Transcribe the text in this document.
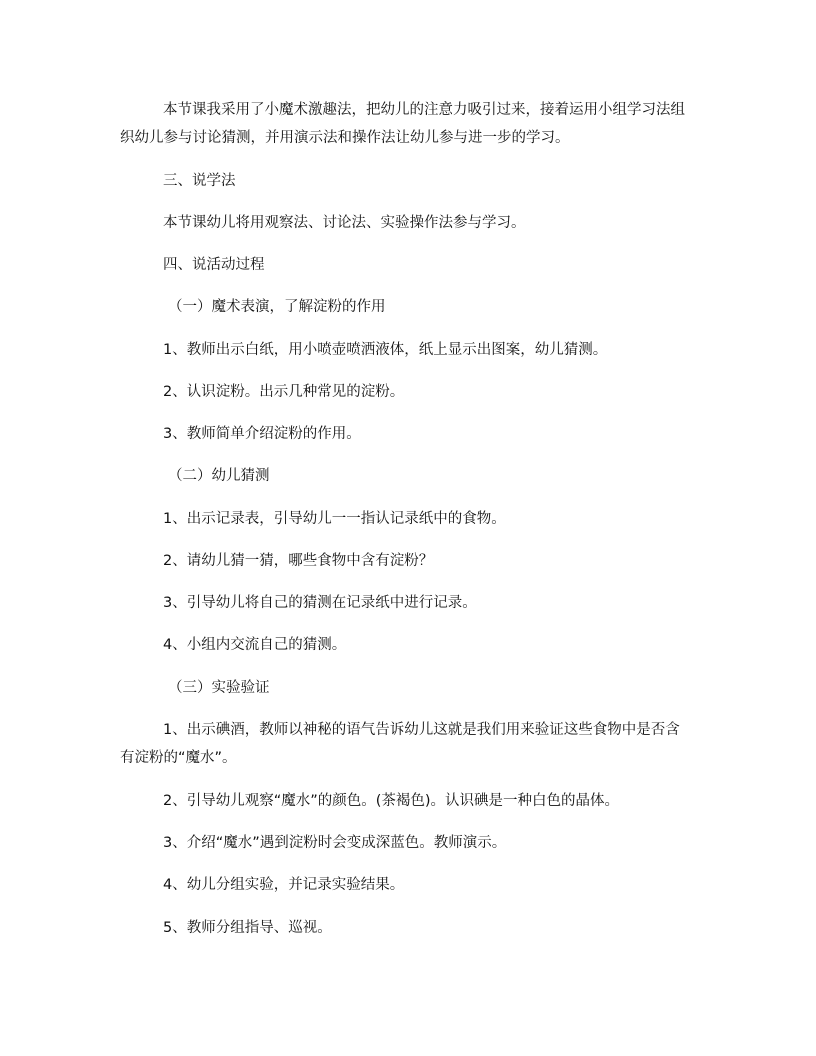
本节课我采用了小魔术激趣法，把幼儿的注意力吸引过来，接着运用小组学习法组
织幼儿参与讨论猜测，并用演示法和操作法让幼儿参与进一步的学习。
三、说学法
本节课幼儿将用观察法、讨论法、实验操作法参与学习。
四、说活动过程
（一）魔术表演，了解淀粉的作用
1、教师出示白纸，用小喷壶喷洒液体，纸上显示出图案，幼儿猜测。
2、认识淀粉。出示几种常见的淀粉。
3、教师简单介绍淀粉的作用。
（二）幼儿猜测
1、出示记录表，引导幼儿一一指认记录纸中的食物。
2、请幼儿猜一猜，哪些食物中含有淀粉？
3、引导幼儿将自己的猜测在记录纸中进行记录。
4、小组内交流自己的猜测。
（三）实验验证
1、出示碘酒，教师以神秘的语气告诉幼儿这就是我们用来验证这些食物中是否含
有淀粉的“魔水”。
2、引导幼儿观察“魔水”的颜色。(茶褐色)。认识碘是一种白色的晶体。
3、介绍“魔水”遇到淀粉时会变成深蓝色。教师演示。
4、幼儿分组实验，并记录实验结果。
5、教师分组指导、巡视。
